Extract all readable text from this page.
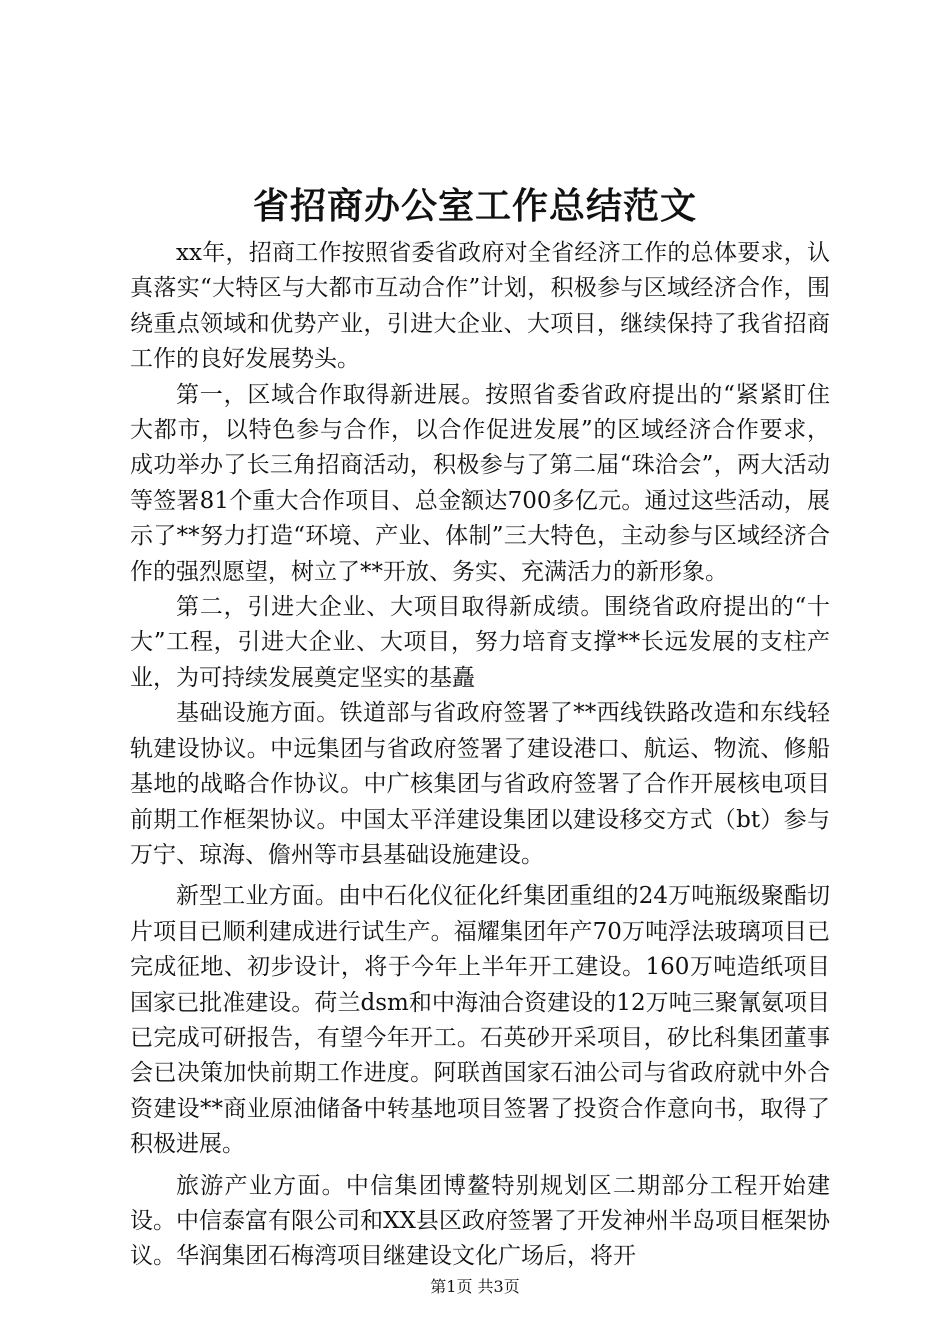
省招商办公室工作总结范文

xx年，招商工作按照省委省政府对全省经济工作的总体要求，认真落实“大特区与大都市互动合作”计划，积极参与区域经济合作，围绕重点领域和优势产业，引进大企业、大项目，继续保持了我省招商工作的良好发展势头。

第一，区域合作取得新进展。按照省委省政府提出的“紧紧盯住大都市，以特色参与合作，以合作促进发展”的区域经济合作要求，成功举办了长三角招商活动，积极参与了第二届“珠洽会”，两大活动等签署81个重大合作项目、总金额达700多亿元。通过这些活动，展示了**努力打造“环境、产业、体制”三大特色，主动参与区域经济合作的强烈愿望，树立了**开放、务实、充满活力的新形象。

第二，引进大企业、大项目取得新成绩。围绕省政府提出的“十大”工程，引进大企业、大项目，努力培育支撑**长远发展的支柱产业，为可持续发展奠定坚实的基矗

基础设施方面。铁道部与省政府签署了**西线铁路改造和东线轻轨建设协议。中远集团与省政府签署了建设港口、航运、物流、修船基地的战略合作协议。中广核集团与省政府签署了合作开展核电项目前期工作框架协议。中国太平洋建设集团以建设移交方式（bt）参与万宁、琼海、儋州等市县基础设施建设。

新型工业方面。由中石化仪征化纤集团重组的24万吨瓶级聚酯切片项目已顺利建成进行试生产。福耀集团年产70万吨浮法玻璃项目已完成征地、初步设计，将于今年上半年开工建设。160万吨造纸项目国家已批准建设。荷兰dsm和中海油合资建设的12万吨三聚氰氨项目已完成可研报告，有望今年开工。石英砂开采项目，矽比科集团董事会已决策加快前期工作进度。阿联酋国家石油公司与省政府就中外合资建设**商业原油储备中转基地项目签署了投资合作意向书，取得了积极进展。

旅游产业方面。中信集团博鳌特别规划区二期部分工程开始建设。中信泰富有限公司和XX县区政府签署了开发神州半岛项目框架协议。华润集团石梅湾项目继建设文化广场后，将开

第1页 共3页
